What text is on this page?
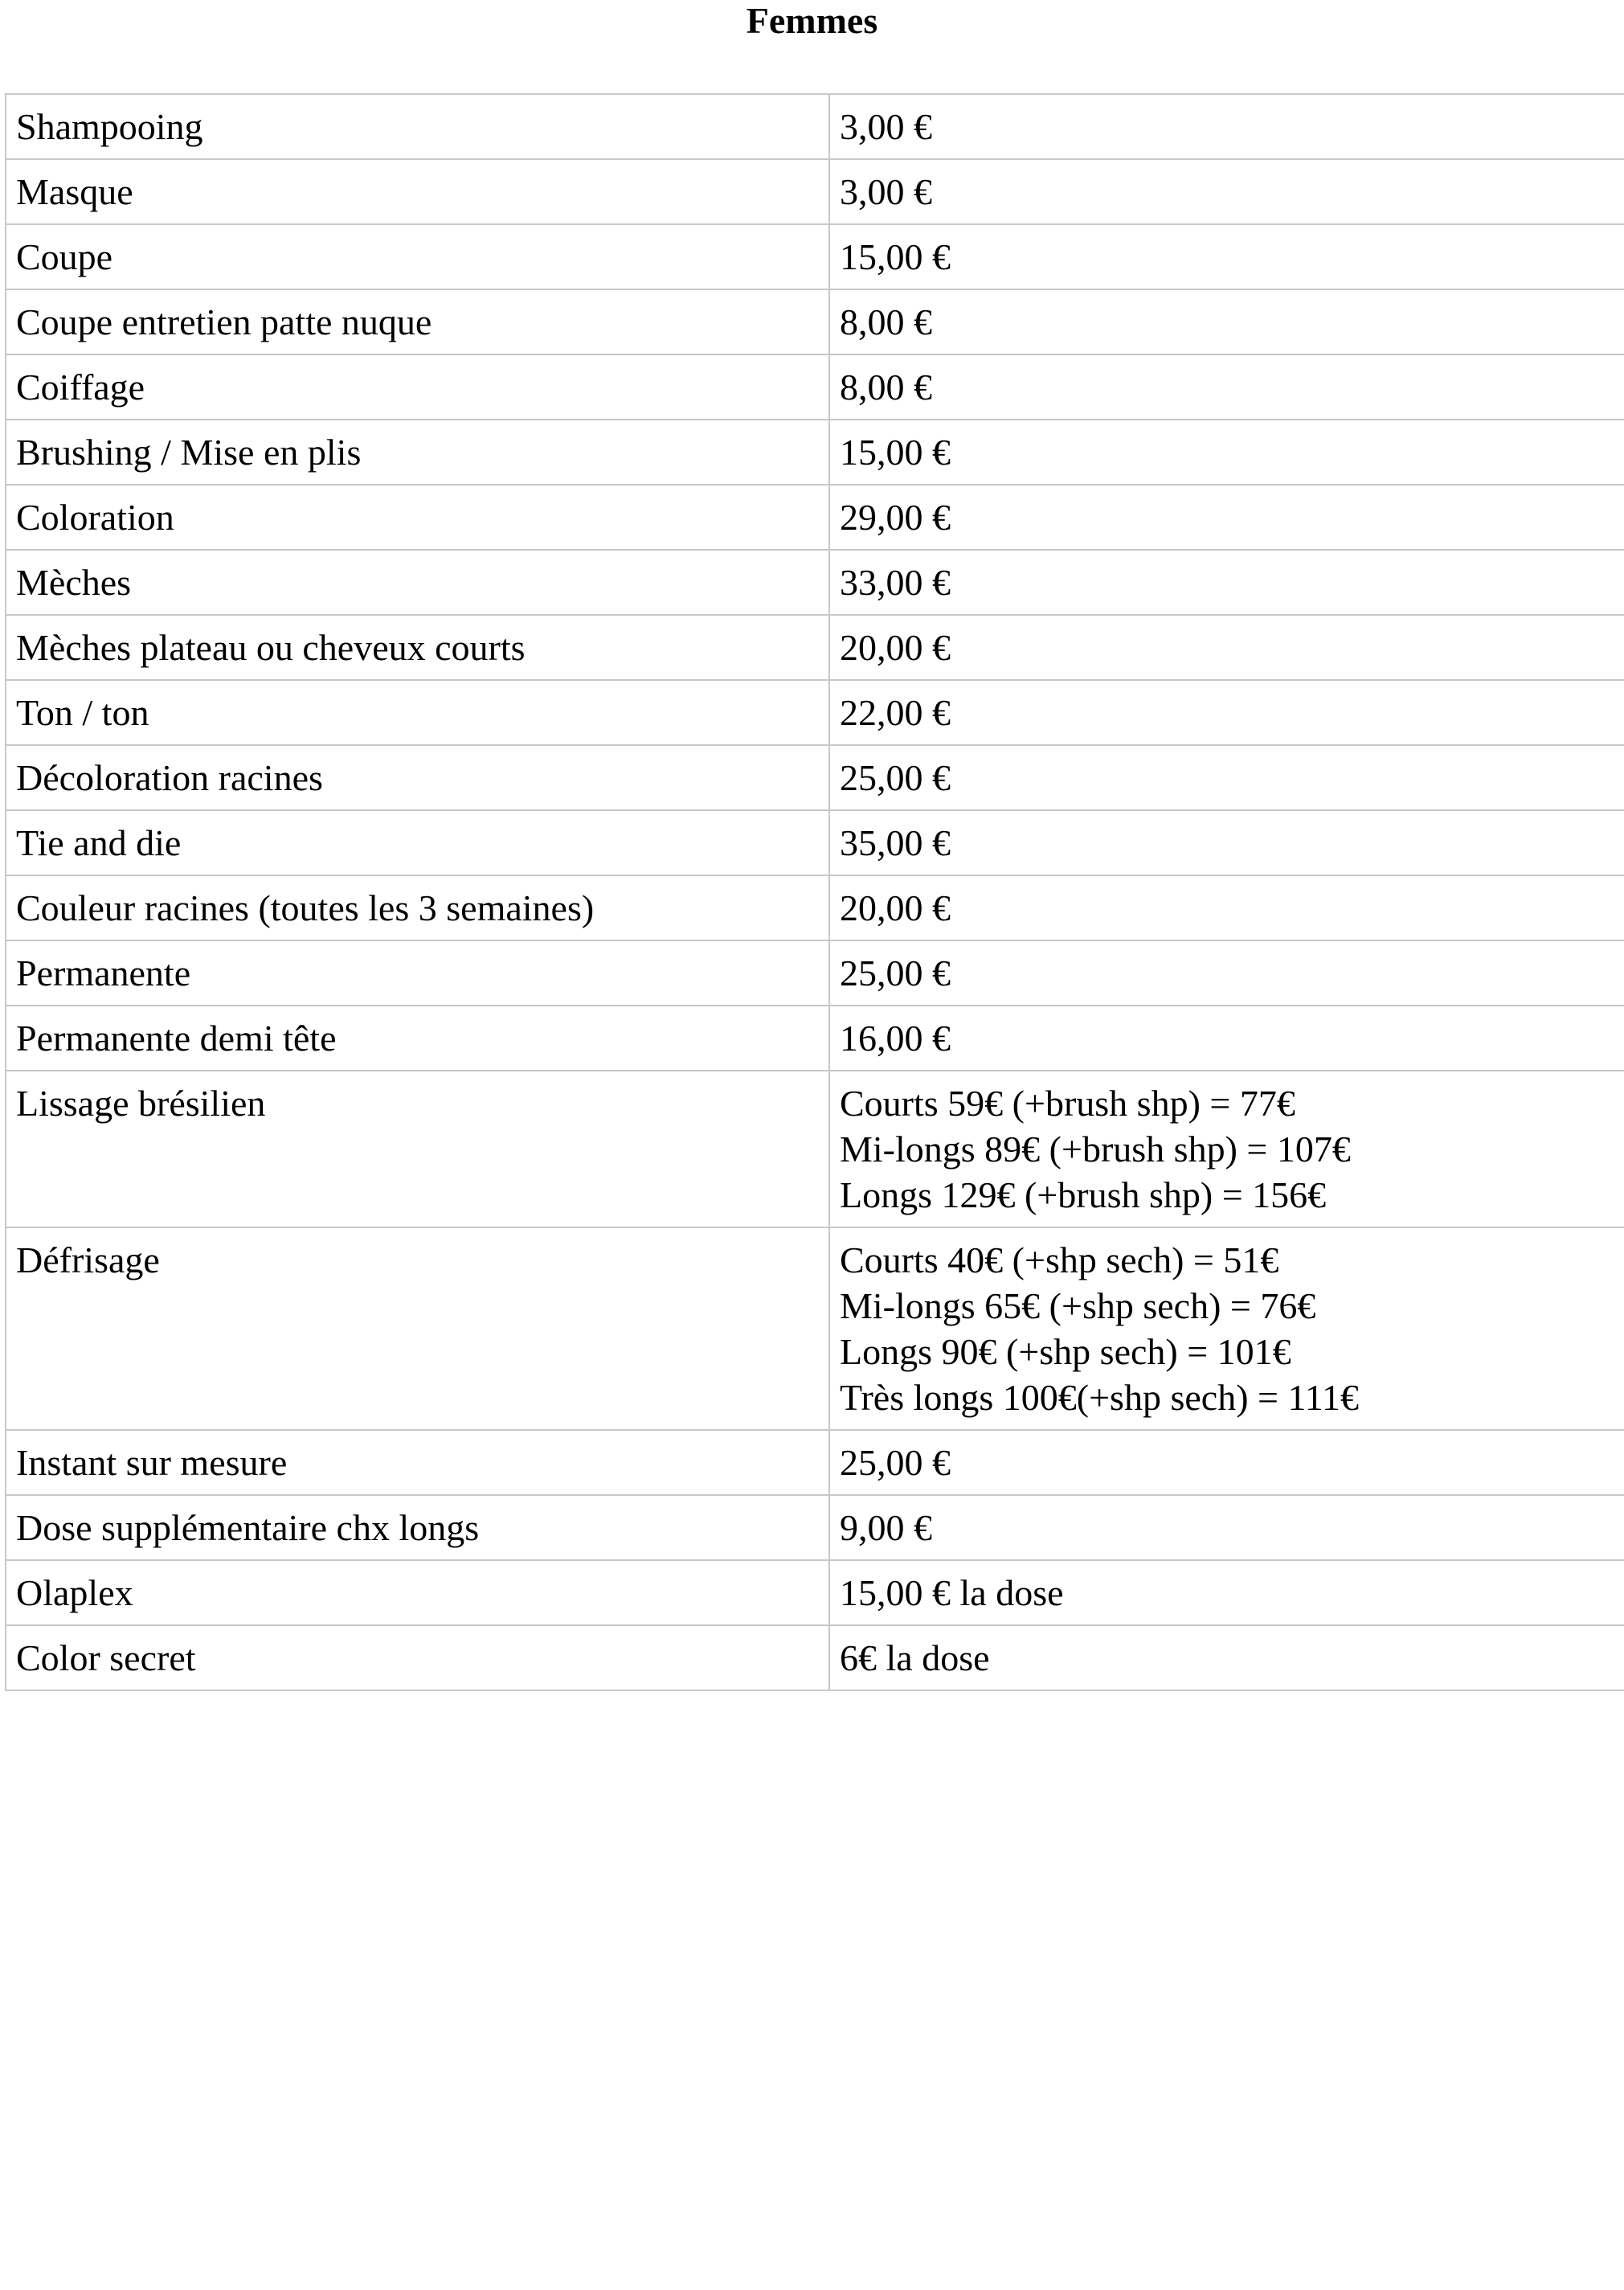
Femmes
Shampooing	3,00 €

Masque	3,00 €

Coupe	15,00 €

Coupe entretien patte nuque	8,00 €

Coiffage	8,00 €

Brushing / Mise en plis	15,00 €

Coloration	29,00 €

Mèches	33,00 €

Mèches plateau ou cheveux courts	20,00 €

Ton / ton	22,00 €

Décoloration racines	25,00 €

Tie and die	35,00 €

Couleur racines (toutes les 3 semaines)	20,00 €

Permanente	25,00 €

Permanente demi tête	16,00 €

Lissage brésilien	Courts 59€ (+brush shp) = 77€
Mi-longs 89€ (+brush shp) = 107€
Longs 129€ (+brush shp) = 156€

Défrisage	Courts 40€ (+shp sech) = 51€
Mi-longs 65€ (+shp sech) = 76€
Longs 90€ (+shp sech) = 101€
Très longs 100€(+shp sech) = 111€

Instant sur mesure	25,00 €

Dose supplémentaire chx longs	9,00 €

Olaplex	15,00 € la dose

Color secret	6€ la dose
